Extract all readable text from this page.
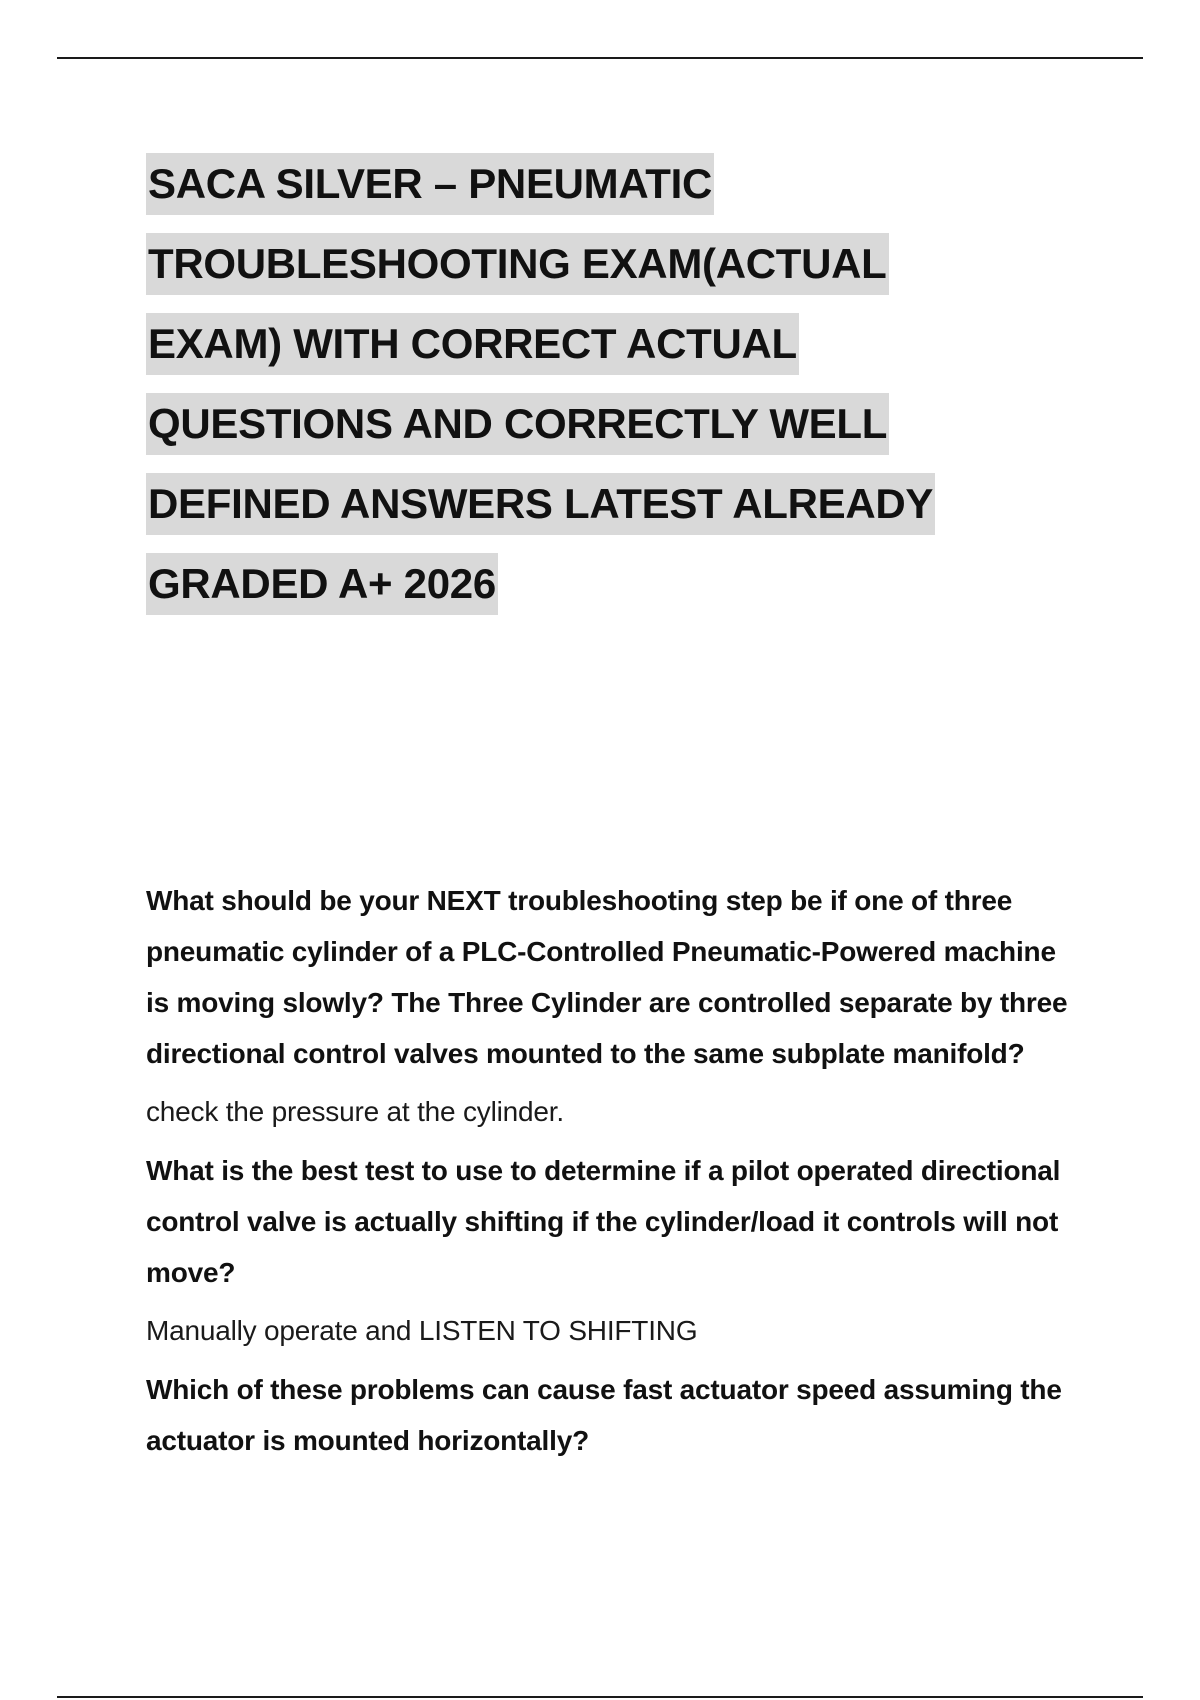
SACA SILVER – PNEUMATIC
TROUBLESHOOTING EXAM(ACTUAL
EXAM) WITH CORRECT ACTUAL
QUESTIONS AND CORRECTLY WELL
DEFINED ANSWERS LATEST ALREADY
GRADED A+ 2026

What should be your NEXT troubleshooting step be if one of three pneumatic cylinder of a PLC-Controlled Pneumatic-Powered machine is moving slowly? The Three Cylinder are controlled separate by three directional control valves mounted to the same subplate manifold?

check the pressure at the cylinder.

What is the best test to use to determine if a pilot operated directional control valve is actually shifting if the cylinder/load it controls will not move?

Manually operate and LISTEN TO SHIFTING

Which of these problems can cause fast actuator speed assuming the actuator is mounted horizontally?
